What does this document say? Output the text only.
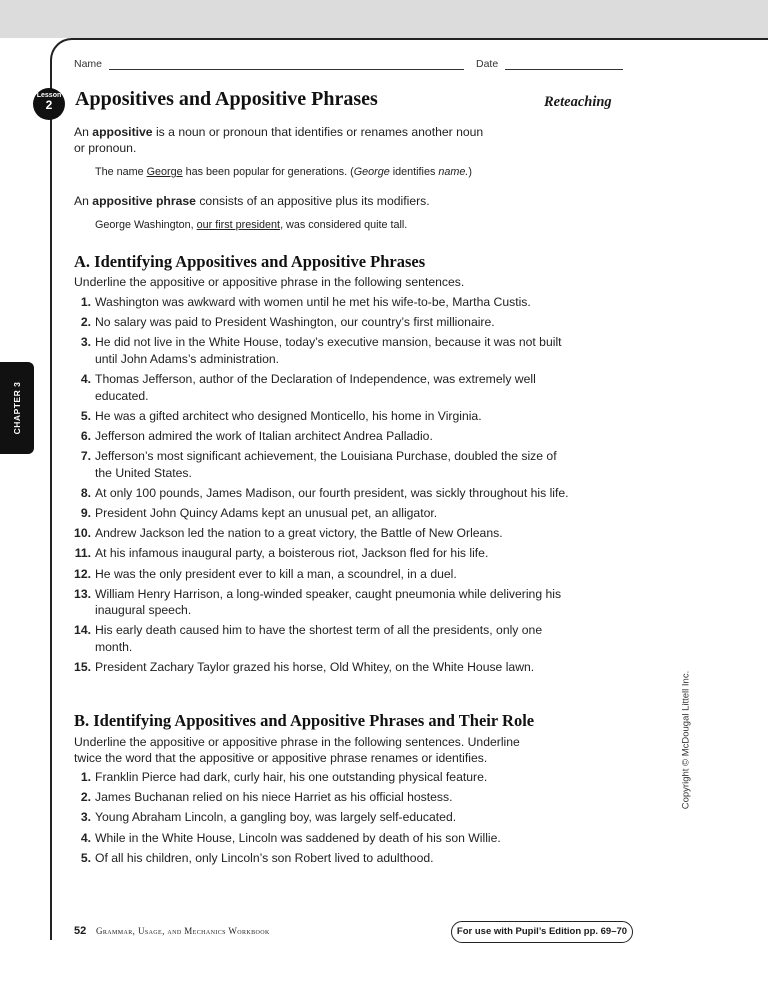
Name	Date
Lesson
2	Appositives and Appositive Phrases	Reteaching
An appositive is a noun or pronoun that identifies or renames another noun
or pronoun.
The name George has been popular for generations. (George identifies name.)
An appositive phrase consists of an appositive plus its modifiers.
George Washington, our first president, was considered quite tall.
A. Identifying Appositives and Appositive Phrases
Underline the appositive or appositive phrase in the following sentences.
1. Washington was awkward with women until he met his wife-to-be, Martha Custis.
2. No salary was paid to President Washington, our country’s first millionaire.
3. He did not live in the White House, today’s executive mansion, because it was not built until John Adams’s administration.
4. Thomas Jefferson, author of the Declaration of Independence, was extremely well educated.
5. He was a gifted architect who designed Monticello, his home in Virginia.
6. Jefferson admired the work of Italian architect Andrea Palladio.
7. Jefferson’s most significant achievement, the Louisiana Purchase, doubled the size of the United States.
8. At only 100 pounds, James Madison, our fourth president, was sickly throughout his life.
9. President John Quincy Adams kept an unusual pet, an alligator.
10. Andrew Jackson led the nation to a great victory, the Battle of New Orleans.
11. At his infamous inaugural party, a boisterous riot, Jackson fled for his life.
12. He was the only president ever to kill a man, a scoundrel, in a duel.
13. William Henry Harrison, a long-winded speaker, caught pneumonia while delivering his inaugural speech.
14. His early death caused him to have the shortest term of all the presidents, only one month.
15. President Zachary Taylor grazed his horse, Old Whitey, on the White House lawn.
B. Identifying Appositives and Appositive Phrases and Their Role
Underline the appositive or appositive phrase in the following sentences. Underline
twice the word that the appositive or appositive phrase renames or identifies.
1. Franklin Pierce had dark, curly hair, his one outstanding physical feature.
2. James Buchanan relied on his niece Harriet as his official hostess.
3. Young Abraham Lincoln, a gangling boy, was largely self-educated.
4. While in the White House, Lincoln was saddened by death of his son Willie.
5. Of all his children, only Lincoln’s son Robert lived to adulthood.
CHAPTER 3
Copyright © McDougal Littell Inc.
52 Grammar, Usage, and Mechanics Workbook	For use with Pupil’s Edition pp. 69–70
